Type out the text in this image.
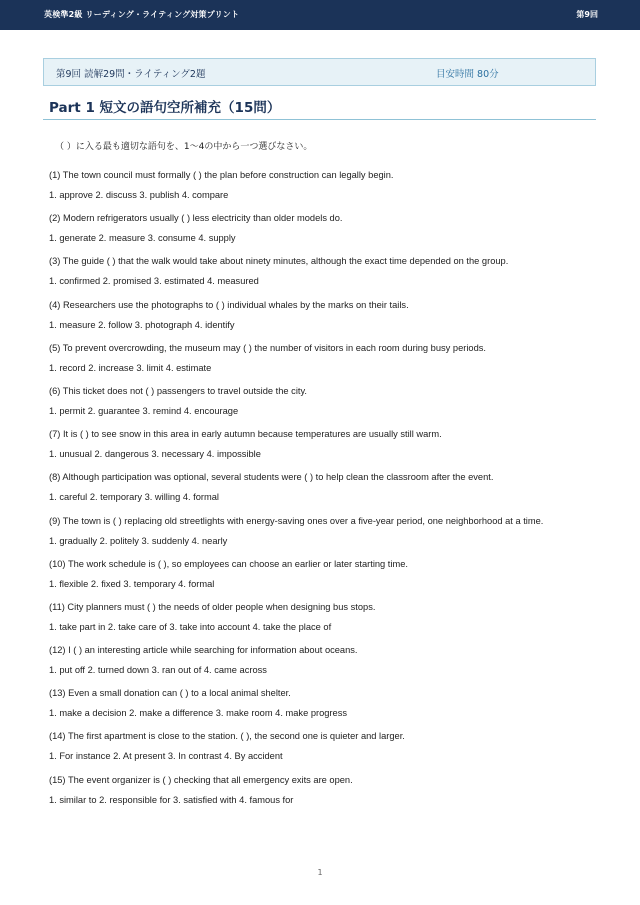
英検準2級 リーディング・ライティング対策プリント	第9回
第9回 読解29問・ライティング2題	目安時間 80分
Part 1 短文の語句空所補充（15問）
（ ）に入る最も適切な語句を、1〜4の中から一つ選びなさい。
(1) The town council must formally ( ) the plan before construction can legally begin.
1. approve 2. discuss 3. publish 4. compare
(2) Modern refrigerators usually ( ) less electricity than older models do.
1. generate 2. measure 3. consume 4. supply
(3) The guide ( ) that the walk would take about ninety minutes, although the exact time depended on the group.
1. confirmed 2. promised 3. estimated 4. measured
(4) Researchers use the photographs to ( ) individual whales by the marks on their tails.
1. measure 2. follow 3. photograph 4. identify
(5) To prevent overcrowding, the museum may ( ) the number of visitors in each room during busy periods.
1. record 2. increase 3. limit 4. estimate
(6) This ticket does not ( ) passengers to travel outside the city.
1. permit 2. guarantee 3. remind 4. encourage
(7) It is ( ) to see snow in this area in early autumn because temperatures are usually still warm.
1. unusual 2. dangerous 3. necessary 4. impossible
(8) Although participation was optional, several students were ( ) to help clean the classroom after the event.
1. careful 2. temporary 3. willing 4. formal
(9) The town is ( ) replacing old streetlights with energy-saving ones over a five-year period, one neighborhood at a time.
1. gradually 2. politely 3. suddenly 4. nearly
(10) The work schedule is ( ), so employees can choose an earlier or later starting time.
1. flexible 2. fixed 3. temporary 4. formal
(11) City planners must ( ) the needs of older people when designing bus stops.
1. take part in 2. take care of 3. take into account 4. take the place of
(12) I ( ) an interesting article while searching for information about oceans.
1. put off 2. turned down 3. ran out of 4. came across
(13) Even a small donation can ( ) to a local animal shelter.
1. make a decision 2. make a difference 3. make room 4. make progress
(14) The first apartment is close to the station. ( ), the second one is quieter and larger.
1. For instance 2. At present 3. In contrast 4. By accident
(15) The event organizer is ( ) checking that all emergency exits are open.
1. similar to 2. responsible for 3. satisfied with 4. famous for
1
